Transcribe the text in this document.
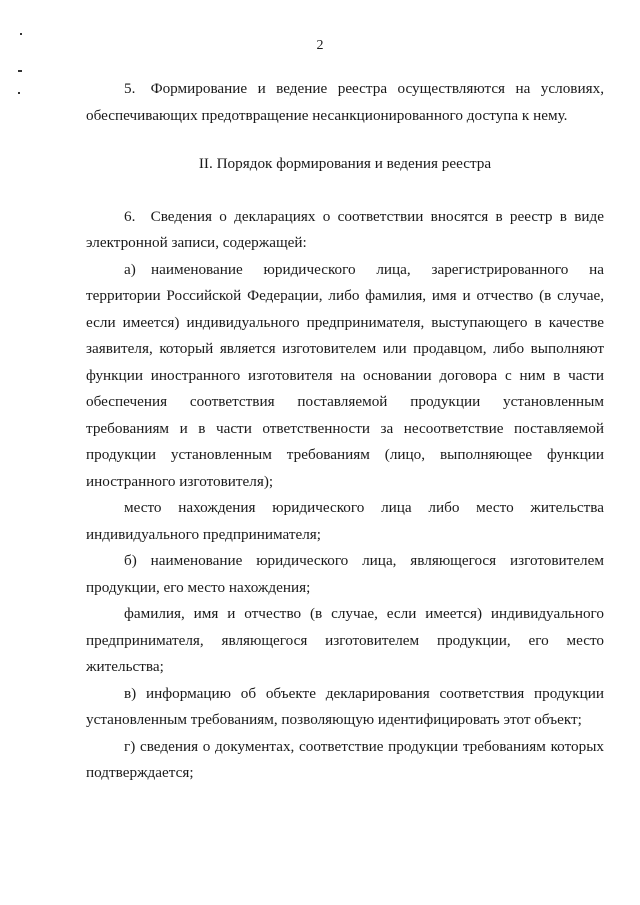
2

5. Формирование и ведение реестра осуществляются на условиях, обеспечивающих предотвращение несанкционированного доступа к нему.

II. Порядок формирования и ведения реестра

6. Сведения о декларациях о соответствии вносятся в реестр в виде электронной записи, содержащей:

а) наименование юридического лица, зарегистрированного на территории Российской Федерации, либо фамилия, имя и отчество (в случае, если имеется) индивидуального предпринимателя, выступающего в качестве заявителя, который является изготовителем или продавцом, либо выполняют функции иностранного изготовителя на основании договора с ним в части обеспечения соответствия поставляемой продукции установленным требованиям и в части ответственности за несоответствие поставляемой продукции установленным требованиям (лицо, выполняющее функции иностранного изготовителя);

место нахождения юридического лица либо место жительства индивидуального предпринимателя;

б) наименование юридического лица, являющегося изготовителем продукции, его место нахождения;

фамилия, имя и отчество (в случае, если имеется) индивидуального предпринимателя, являющегося изготовителем продукции, его место жительства;

в) информацию об объекте декларирования соответствия продукции установленным требованиям, позволяющую идентифицировать этот объект;

г) сведения о документах, соответствие продукции требованиям которых подтверждается;
